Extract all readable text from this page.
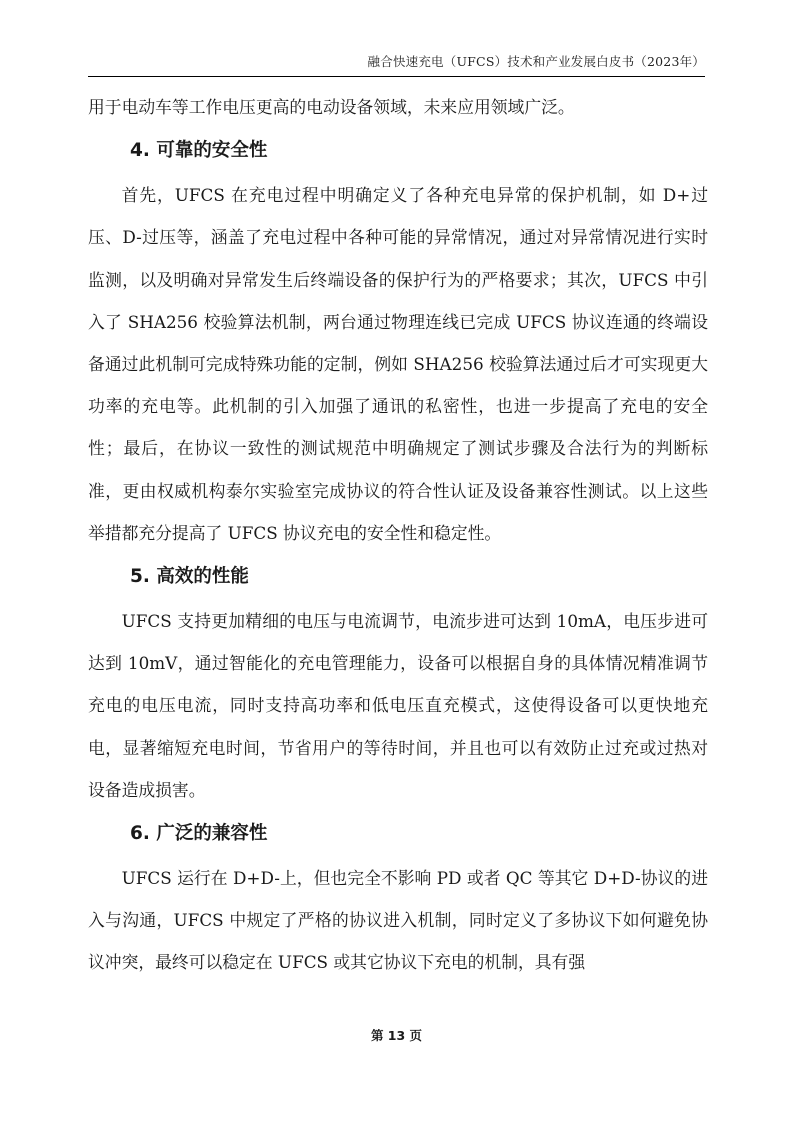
融合快速充电（UFCS）技术和产业发展白皮书（2023年）

用于电动车等工作电压更高的电动设备领域，未来应用领域广泛。

4. 可靠的安全性

首先，UFCS 在充电过程中明确定义了各种充电异常的保护机制，如 D+过压、D-过压等，涵盖了充电过程中各种可能的异常情况，通过对异常情况进行实时监测，以及明确对异常发生后终端设备的保护行为的严格要求；其次，UFCS 中引入了 SHA256 校验算法机制，两台通过物理连线已完成 UFCS 协议连通的终端设备通过此机制可完成特殊功能的定制，例如 SHA256 校验算法通过后才可实现更大功率的充电等。此机制的引入加强了通讯的私密性，也进一步提高了充电的安全性；最后，在协议一致性的测试规范中明确规定了测试步骤及合法行为的判断标准，更由权威机构泰尔实验室完成协议的符合性认证及设备兼容性测试。以上这些举措都充分提高了 UFCS 协议充电的安全性和稳定性。

5. 高效的性能

UFCS 支持更加精细的电压与电流调节，电流步进可达到 10mA，电压步进可达到 10mV，通过智能化的充电管理能力，设备可以根据自身的具体情况精准调节充电的电压电流，同时支持高功率和低电压直充模式，这使得设备可以更快地充电，显著缩短充电时间，节省用户的等待时间，并且也可以有效防止过充或过热对设备造成损害。

6. 广泛的兼容性

UFCS 运行在 D+D-上，但也完全不影响 PD 或者 QC 等其它 D+D-协议的进入与沟通，UFCS 中规定了严格的协议进入机制，同时定义了多协议下如何避免协议冲突，最终可以稳定在 UFCS 或其它协议下充电的机制，具有强

第 13 页
